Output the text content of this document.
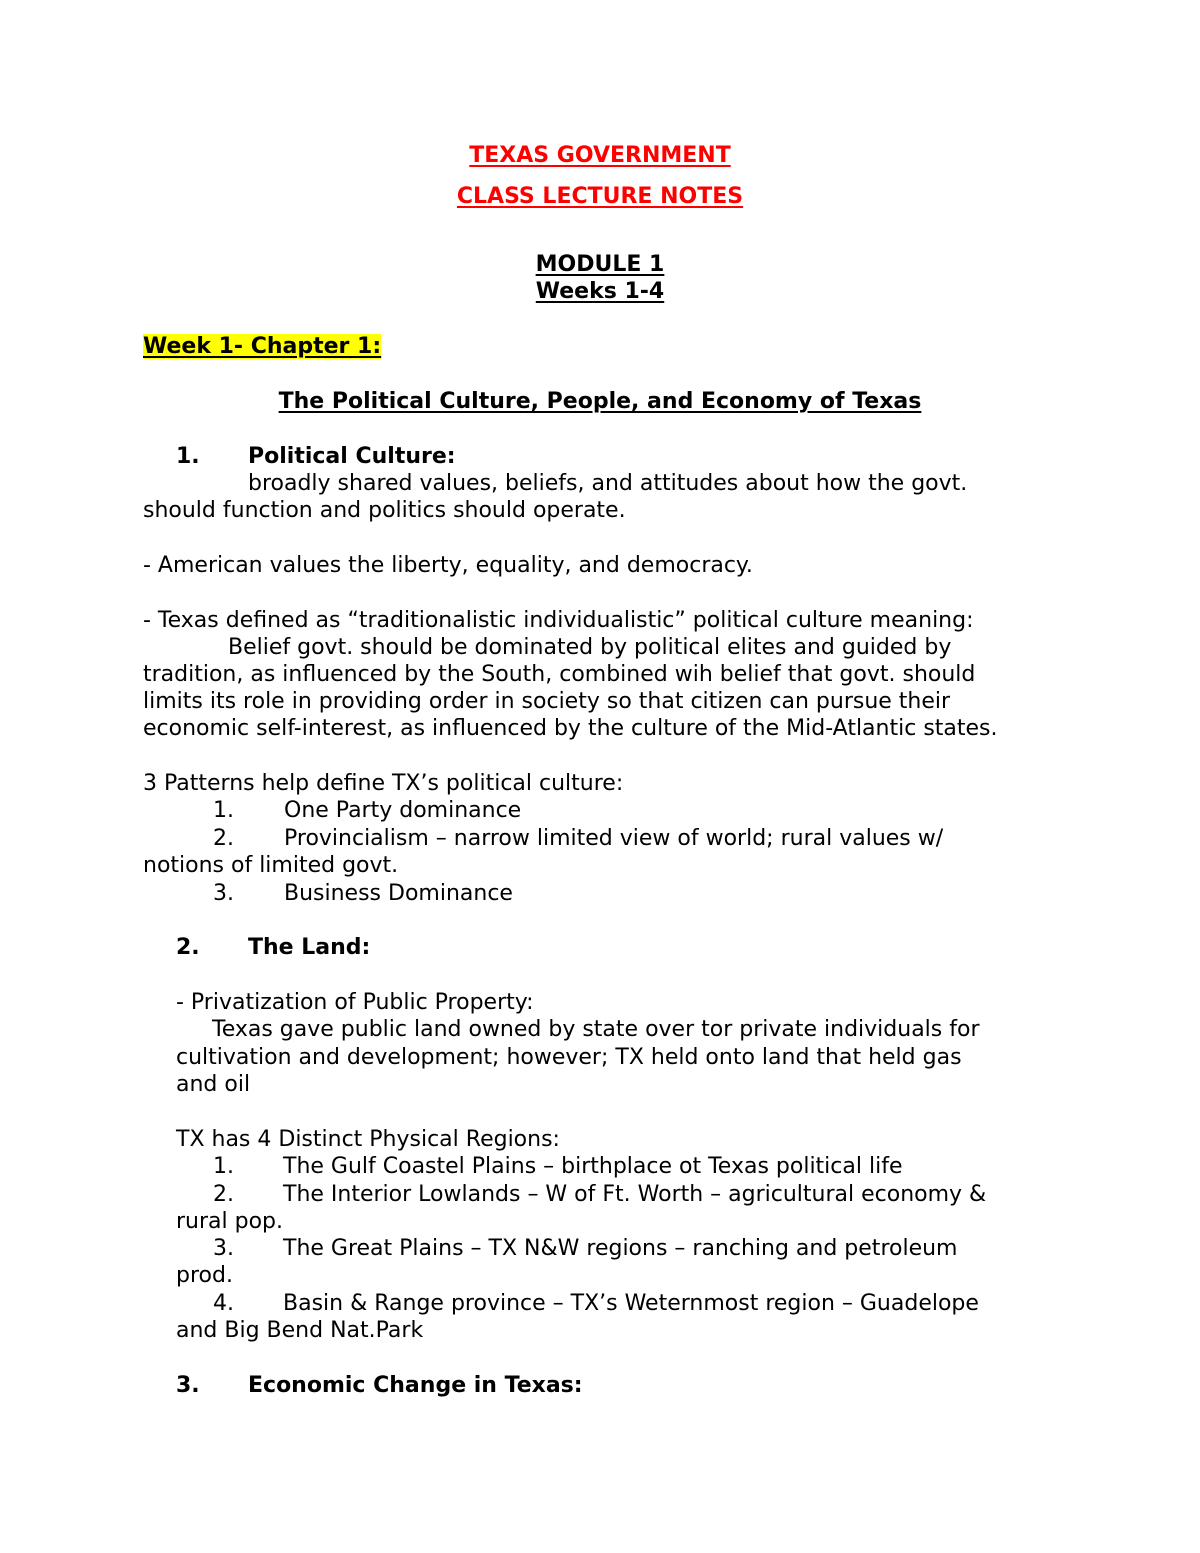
TEXAS GOVERNMENT
CLASS LECTURE NOTES
MODULE 1
Weeks 1-4
Week 1- Chapter 1:
The Political Culture, People, and Economy of Texas
1. Political Culture:
broadly shared values, beliefs, and attitudes about how the govt.
should function and politics should operate.
- American values the liberty, equality, and democracy.
- Texas defined as “traditionalistic individualistic” political culture meaning:
Belief govt. should be dominated by political elites and guided by
tradition, as influenced by the South, combined wih belief that govt. should
limits its role in providing order in society so that citizen can pursue their
economic self-interest, as influenced by the culture of the Mid-Atlantic states.
3 Patterns help define TX’s political culture:
1. One Party dominance
2. Provincialism – narrow limited view of world; rural values w/
notions of limited govt.
3. Business Dominance
2. The Land:
- Privatization of Public Property:
Texas gave public land owned by state over tor private individuals for
cultivation and development; however; TX held onto land that held gas
and oil
TX has 4 Distinct Physical Regions:
1. The Gulf Coastel Plains – birthplace ot Texas political life
2. The Interior Lowlands – W of Ft. Worth – agricultural economy &
rural pop.
3. The Great Plains – TX N&W regions – ranching and petroleum
prod.
4. Basin & Range province – TX’s Weternmost region – Guadelope
and Big Bend Nat.Park
3. Economic Change in Texas:
